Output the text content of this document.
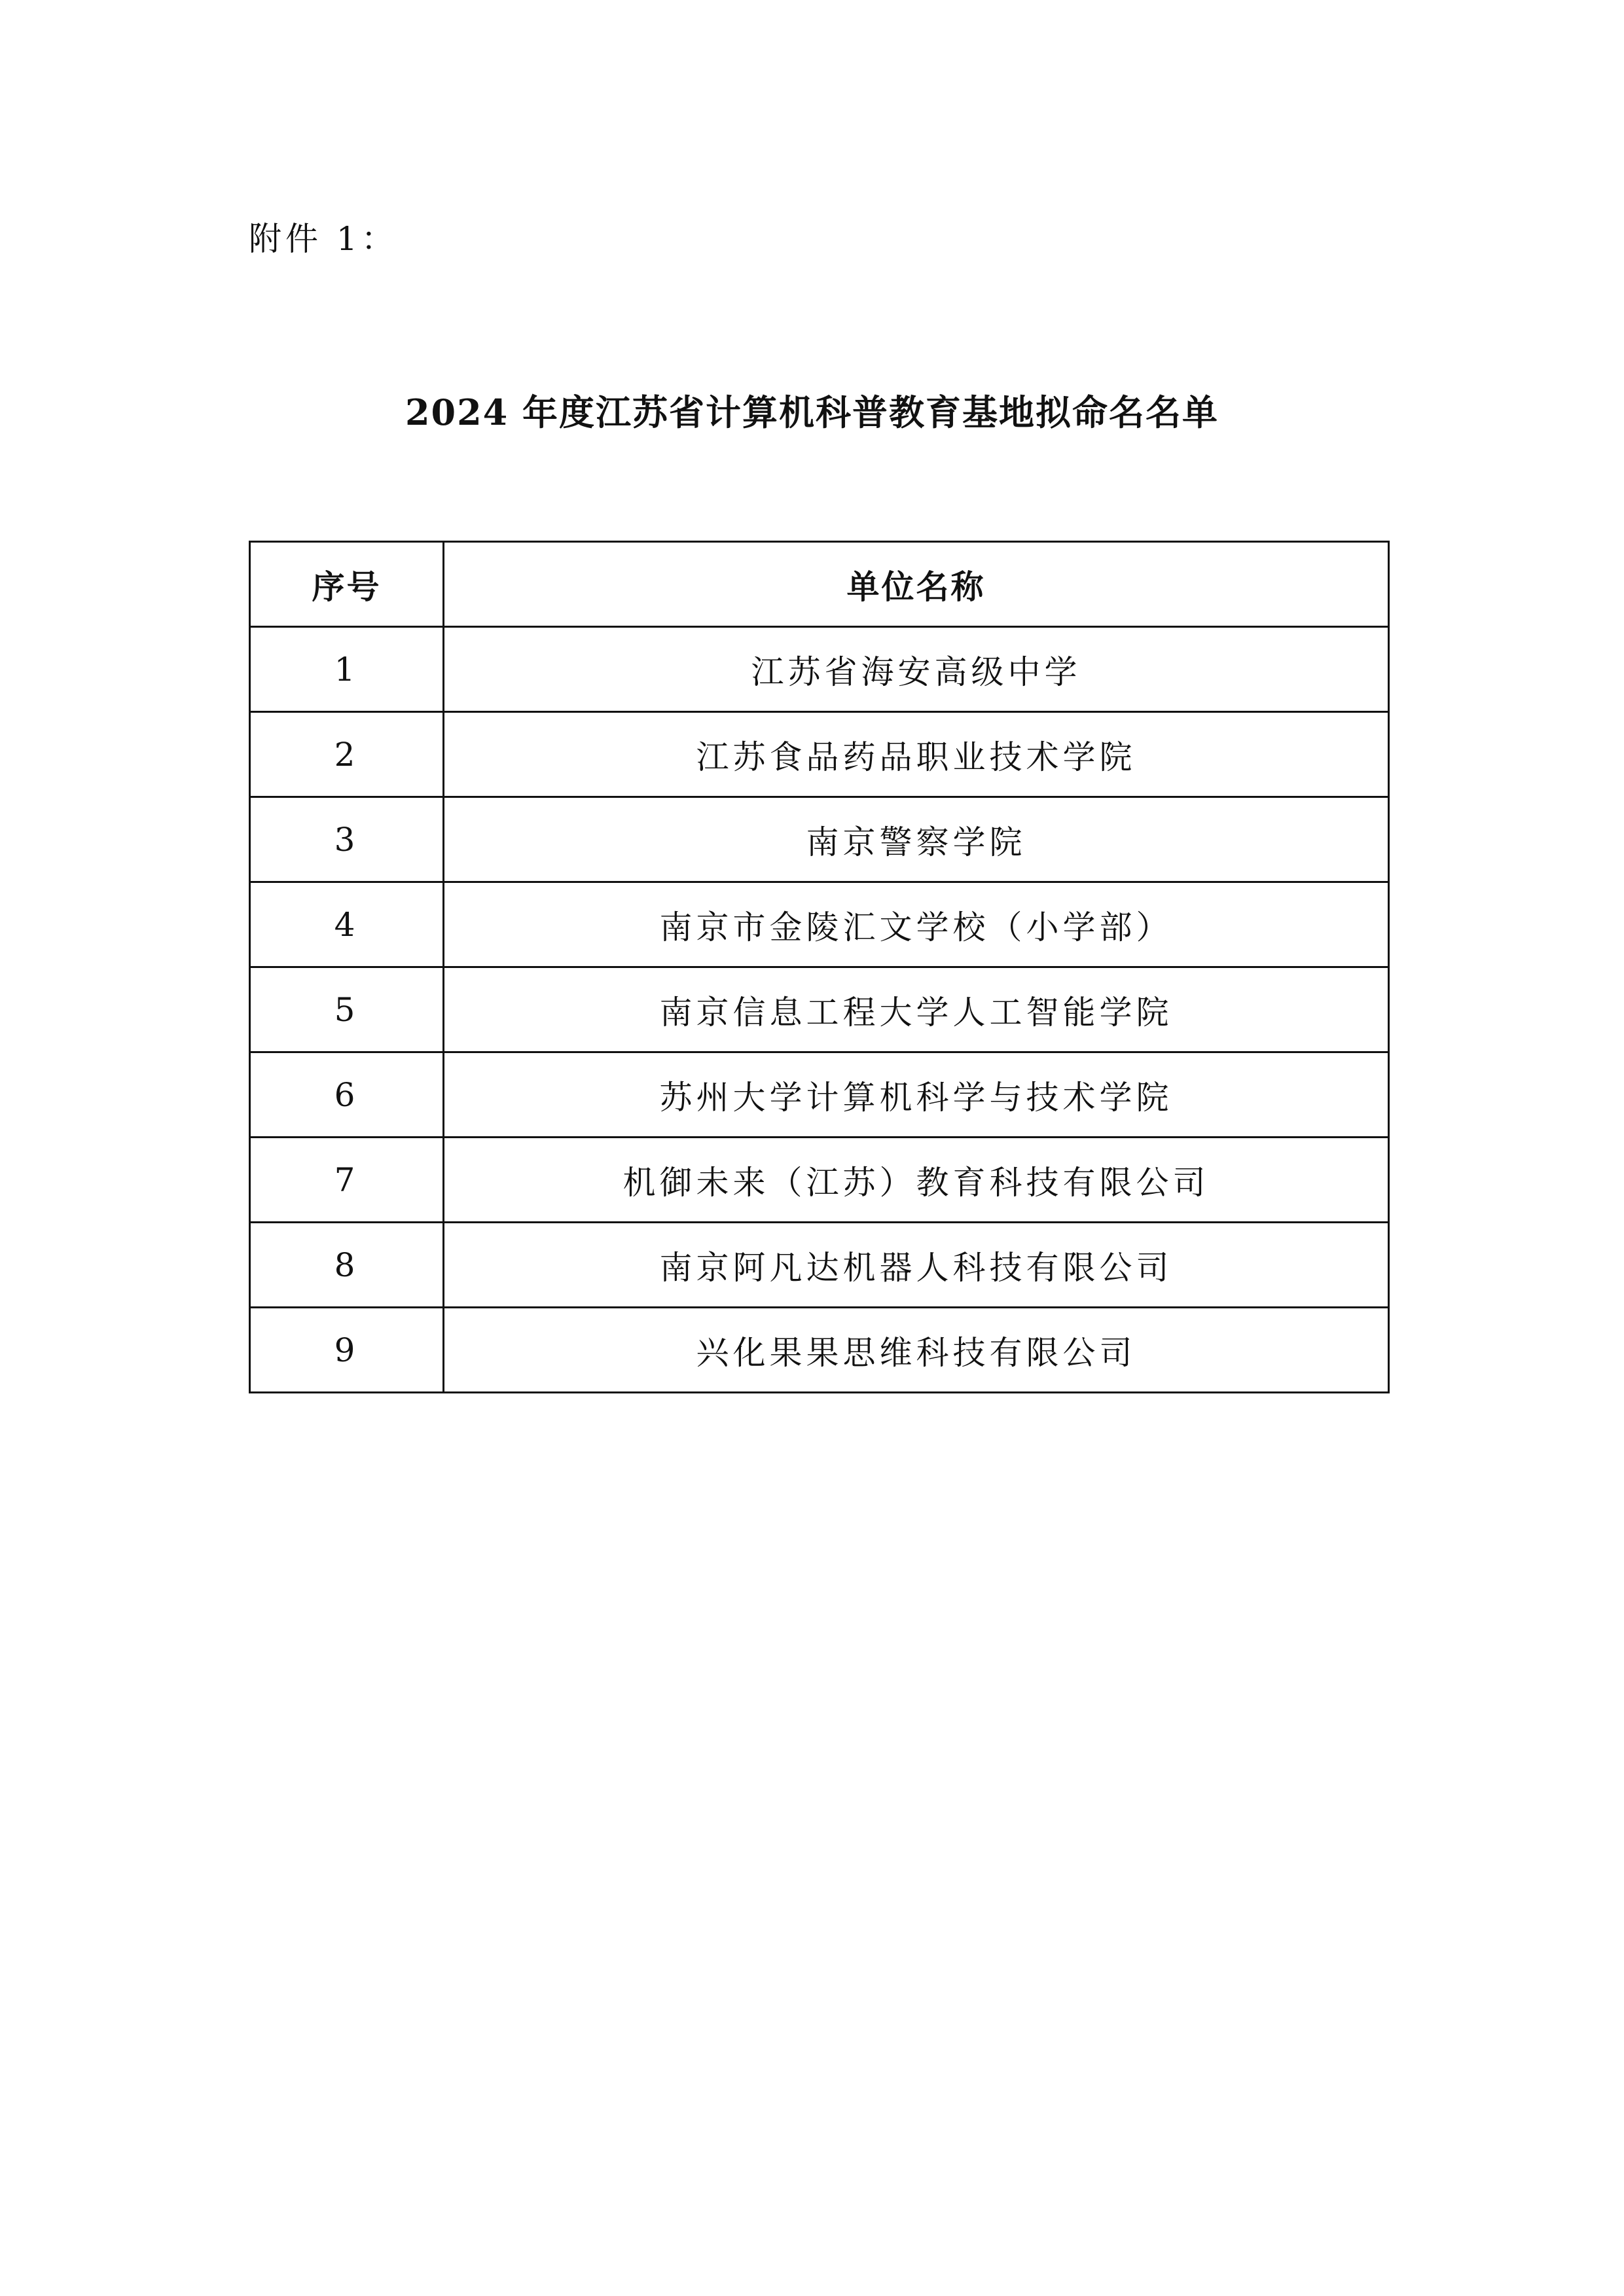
附件 1：
2024 年度江苏省计算机科普教育基地拟命名名单
序号	单位名称
1	江苏省海安高级中学
2	江苏食品药品职业技术学院
3	南京警察学院
4	南京市金陵汇文学校（小学部）
5	南京信息工程大学人工智能学院
6	苏州大学计算机科学与技术学院
7	机御未来（江苏）教育科技有限公司
8	南京阿凡达机器人科技有限公司
9	兴化果果思维科技有限公司
